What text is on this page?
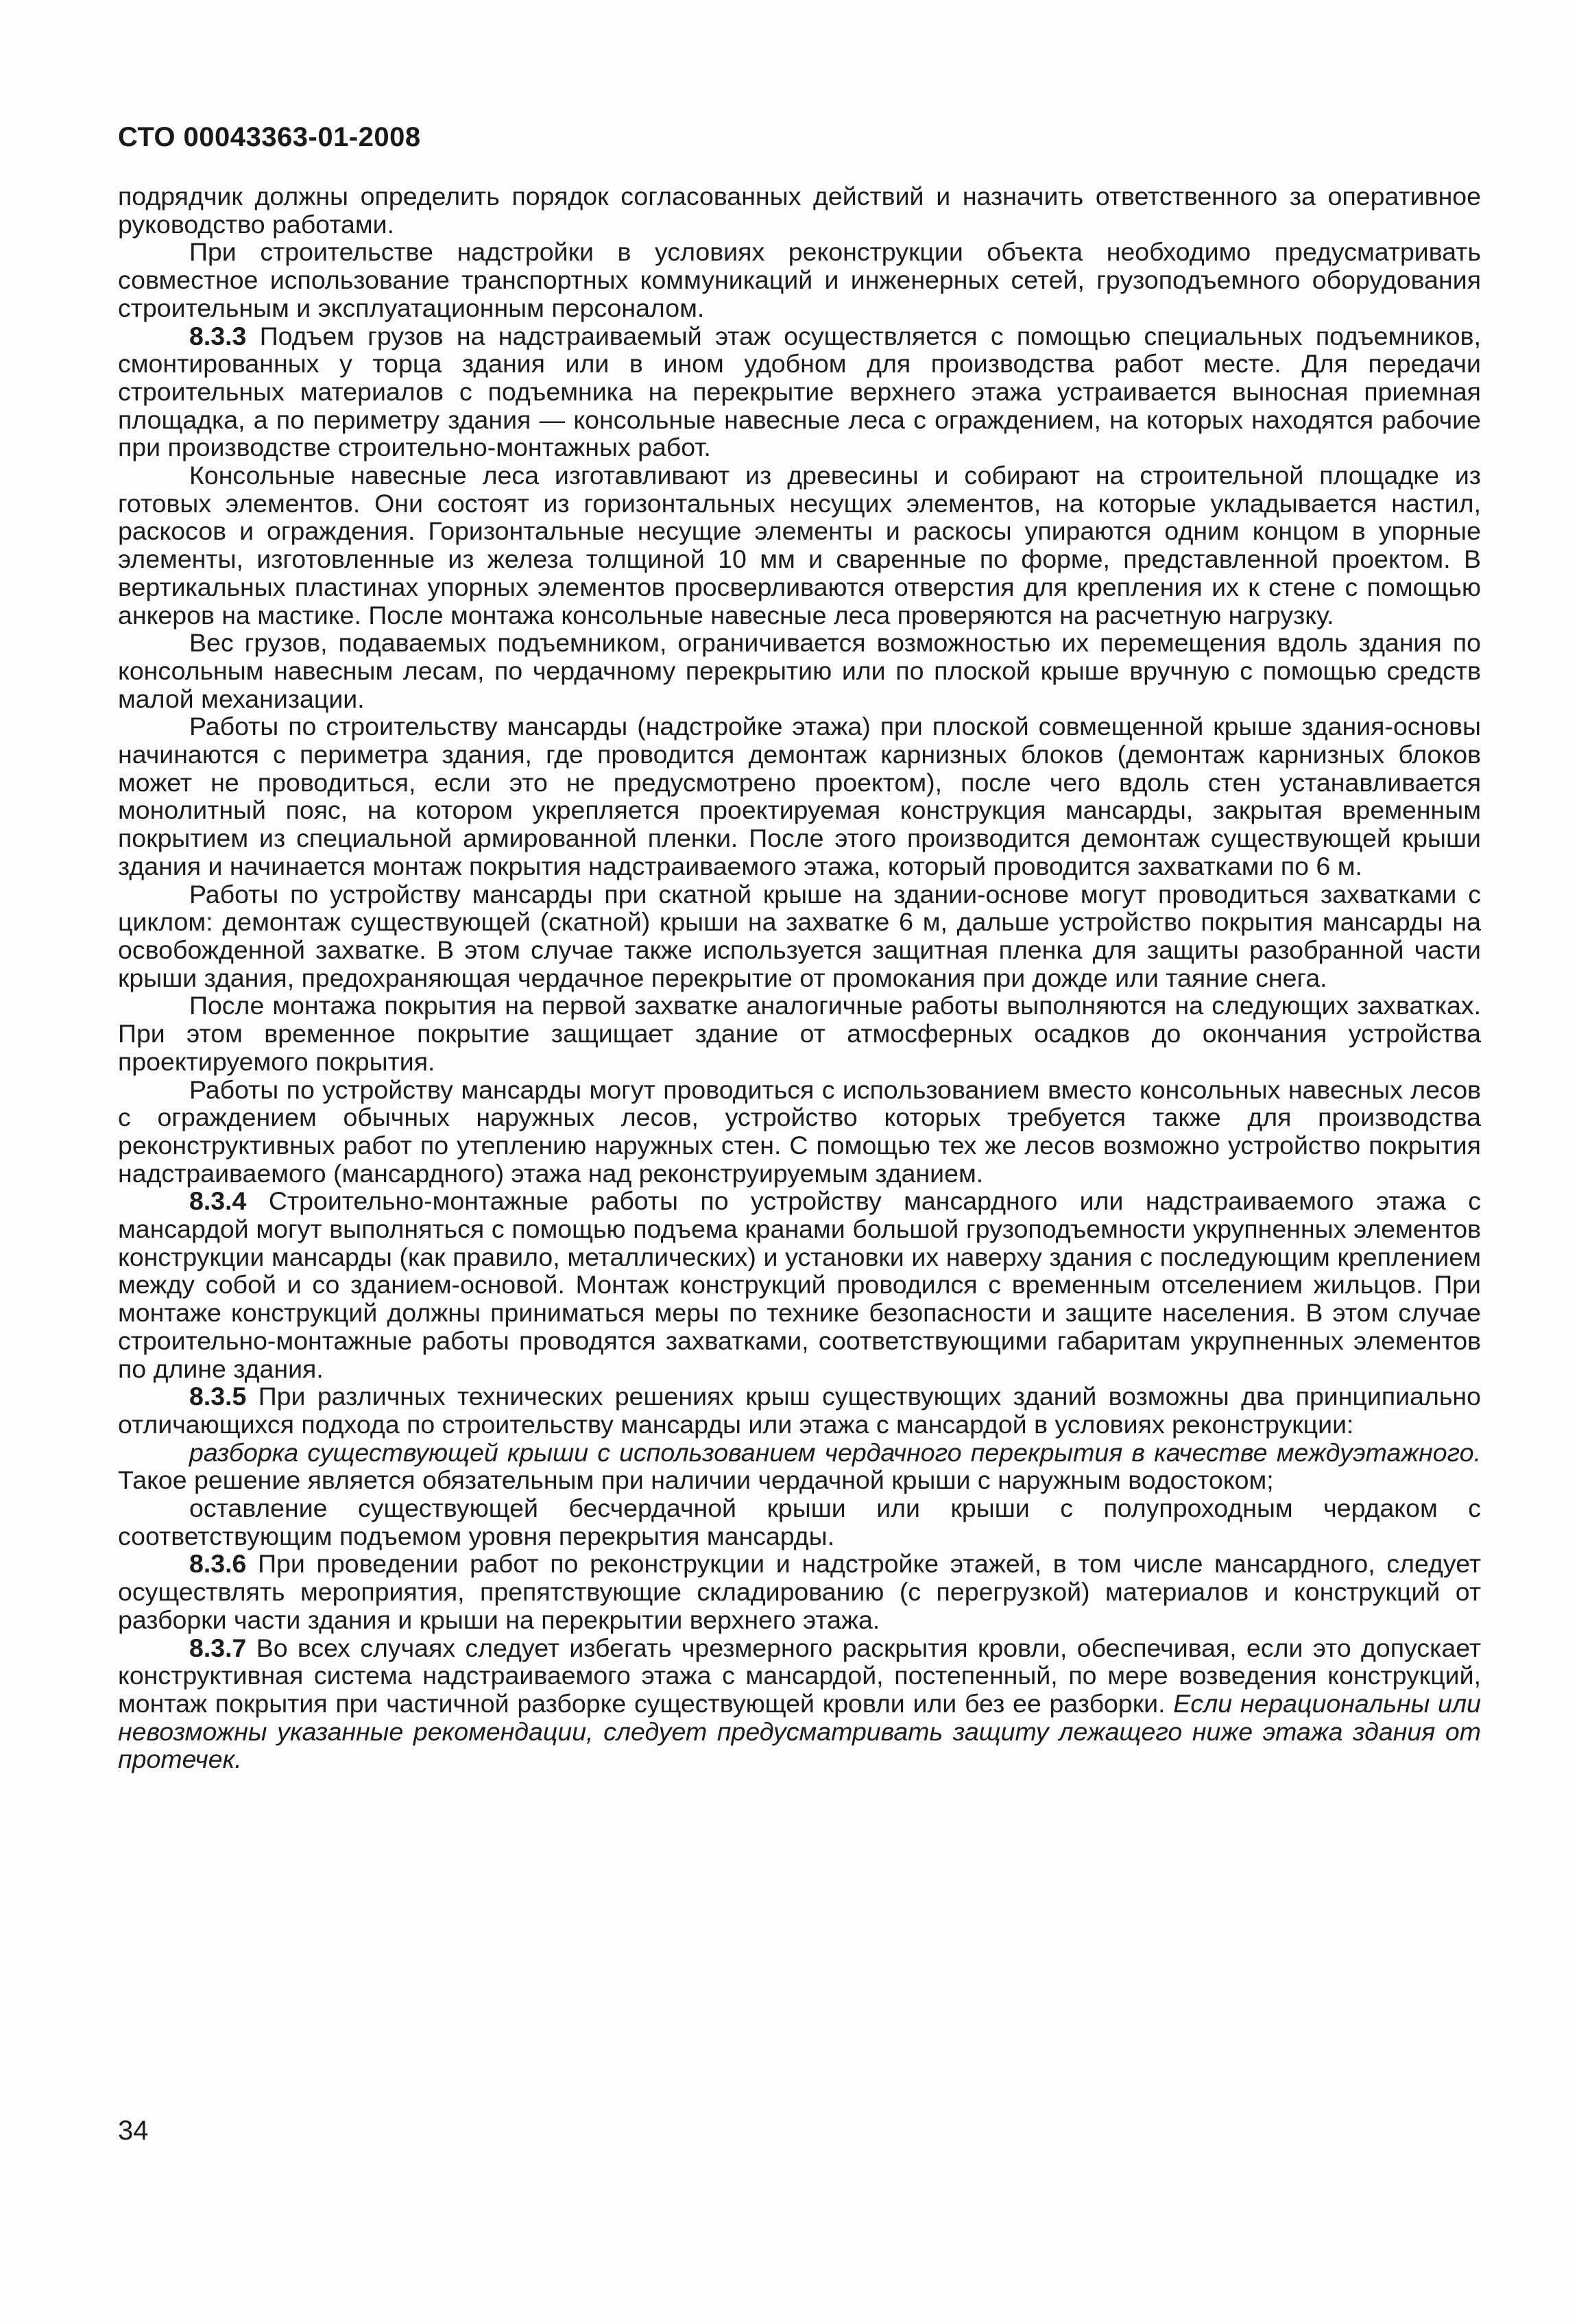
СТО 00043363-01-2008

подрядчик должны определить порядок согласованных действий и назначить ответственного за оперативное руководство работами.

При строительстве надстройки в условиях реконструкции объекта необходимо предусматривать совместное использование транспортных коммуникаций и инженерных сетей, грузоподъемного оборудования строительным и эксплуатационным персоналом.

8.3.3 Подъем грузов на надстраиваемый этаж осуществляется с помощью специальных подъемников, смонтированных у торца здания или в ином удобном для производства работ месте. Для передачи строительных материалов с подъемника на перекрытие верхнего этажа устраивается выносная приемная площадка, а по периметру здания — консольные навесные леса с ограждением, на которых находятся рабочие при производстве строительно-монтажных работ.

Консольные навесные леса изготавливают из древесины и собирают на строительной площадке из готовых элементов. Они состоят из горизонтальных несущих элементов, на которые укладывается настил, раскосов и ограждения. Горизонтальные несущие элементы и раскосы упираются одним концом в упорные элементы, изготовленные из железа толщиной 10 мм и сваренные по форме, представленной проектом. В вертикальных пластинах упорных элементов просверливаются отверстия для крепления их к стене с помощью анкеров на мастике. После монтажа консольные навесные леса проверяются на расчетную нагрузку.

Вес грузов, подаваемых подъемником, ограничивается возможностью их перемещения вдоль здания по консольным навесным лесам, по чердачному перекрытию или по плоской крыше вручную с помощью средств малой механизации.

Работы по строительству мансарды (надстройке этажа) при плоской совмещенной крыше здания-основы начинаются с периметра здания, где проводится демонтаж карнизных блоков (демонтаж карнизных блоков может не проводиться, если это не предусмотрено проектом), после чего вдоль стен устанавливается монолитный пояс, на котором укрепляется проектируемая конструкция мансарды, закрытая временным покрытием из специальной армированной пленки. После этого производится демонтаж существующей крыши здания и начинается монтаж покрытия надстраиваемого этажа, который проводится захватками по 6 м.

Работы по устройству мансарды при скатной крыше на здании-основе могут проводиться захватками с циклом: демонтаж существующей (скатной) крыши на захватке 6 м, дальше устройство покрытия мансарды на освобожденной захватке. В этом случае также используется защитная пленка для защиты разобранной части крыши здания, предохраняющая чердачное перекрытие от промокания при дожде или таяние снега.

После монтажа покрытия на первой захватке аналогичные работы выполняются на следующих захватках. При этом временное покрытие защищает здание от атмосферных осадков до окончания устройства проектируемого покрытия.

Работы по устройству мансарды могут проводиться с использованием вместо консольных навесных лесов с ограждением обычных наружных лесов, устройство которых требуется также для производства реконструктивных работ по утеплению наружных стен. С помощью тех же лесов возможно устройство покрытия надстраиваемого (мансардного) этажа над реконструируемым зданием.

8.3.4 Строительно-монтажные работы по устройству мансардного или надстраиваемого этажа с мансардой могут выполняться с помощью подъема кранами большой грузоподъемности укрупненных элементов конструкции мансарды (как правило, металлических) и установки их наверху здания с последующим креплением между собой и со зданием-основой. Монтаж конструкций проводился с временным отселением жильцов. При монтаже конструкций должны приниматься меры по технике безопасности и защите населения. В этом случае строительно-монтажные работы проводятся захватками, соответствующими габаритам укрупненных элементов по длине здания.

8.3.5 При различных технических решениях крыш существующих зданий возможны два принципиально отличающихся подхода по строительству мансарды или этажа с мансардой в условиях реконструкции:

разборка существующей крыши с использованием чердачного перекрытия в качестве междуэтажного. Такое решение является обязательным при наличии чердачной крыши с наружным водостоком;

оставление существующей бесчердачной крыши или крыши с полупроходным чердаком с соответствующим подъемом уровня перекрытия мансарды.

8.3.6 При проведении работ по реконструкции и надстройке этажей, в том числе мансардного, следует осуществлять мероприятия, препятствующие складированию (с перегрузкой) материалов и конструкций от разборки части здания и крыши на перекрытии верхнего этажа.

8.3.7 Во всех случаях следует избегать чрезмерного раскрытия кровли, обеспечивая, если это допускает конструктивная система надстраиваемого этажа с мансардой, постепенный, по мере возведения конструкций, монтаж покрытия при частичной разборке существующей кровли или без ее разборки. Если нерациональны или невозможны указанные рекомендации, следует предусматривать защиту лежащего ниже этажа здания от протечек.

34
